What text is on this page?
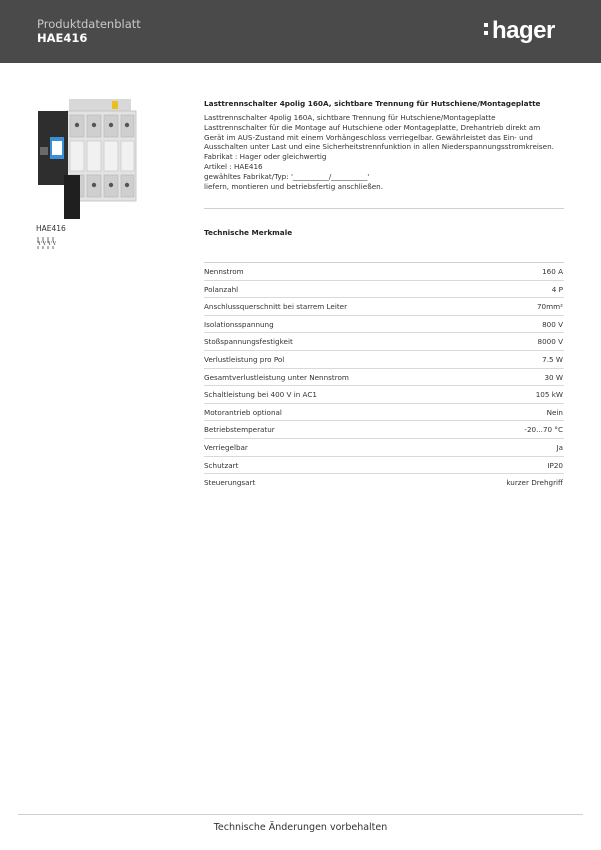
Produktdatenblatt
HAE416	hager
HAE416
Lasttrennschalter 4polig 160A, sichtbare Trennung für Hutschiene/Montageplatte
Lasttrennschalter 4polig 160A, sichtbare Trennung für Hutschiene/Montageplatte
Lasttrennschalter für die Montage auf Hutschiene oder Montageplatte, Drehantrieb direkt am
Gerät im AUS-Zustand mit einem Vorhängeschloss verriegelbar. Gewährleistet das Ein- und
Ausschalten unter Last und eine Sicherheitstrennfunktion in allen Niederspannungsstromkreisen.
Fabrikat : Hager oder gleichwertig
Artikel : HAE416
gewähltes Fabrikat/Typ: '__________/__________'
liefern, montieren und betriebsfertig anschließen.
Technische Merkmale
Nennstrom	160 A
Polanzahl	4 P
Anschlussquerschnitt bei starrem Leiter	70mm²
Isolationsspannung	800 V
Stoßspannungsfestigkeit	8000 V
Verlustleistung pro Pol	7.5 W
Gesamtverlustleistung unter Nennstrom	30 W
Schaltleistung bei 400 V in AC1	105 kW
Motorantrieb optional	Nein
Betriebstemperatur	-20...70 °C
Verriegelbar	Ja
Schutzart	IP20
Steuerungsart	kurzer Drehgriff
Technische Änderungen vorbehalten
